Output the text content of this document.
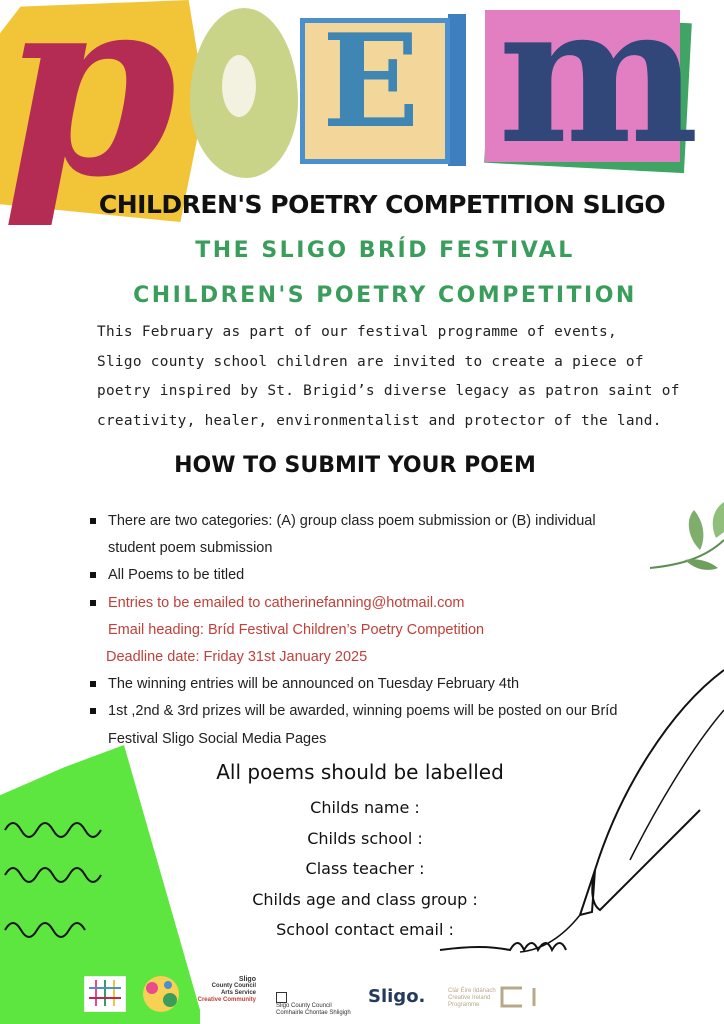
p E m
CHILDREN'S POETRY COMPETITION SLIGO
THE SLIGO BRÍD FESTIVAL
CHILDREN'S POETRY COMPETITION
This February as part of our festival programme of events,
Sligo county school children are invited to create a piece of
poetry inspired by St. Brigid’s diverse legacy as patron saint of
creativity, healer, environmentalist and protector of the land.
HOW TO SUBMIT YOUR POEM
There are two categories: (A) group class poem submission or (B) individual
student poem submission
All Poems to be titled
Entries to be emailed to catherinefanning@hotmail.com
Email heading: Bríd Festival Children’s Poetry Competition
Deadline date: Friday 31st January 2025
The winning entries will be announced on Tuesday February 4th
1st ,2nd & 3rd prizes will be awarded, winning poems will be posted on our Bríd
Festival Sligo Social Media Pages
All poems should be labelled
Childs name :
Childs school :
Class teacher :
Childs age and class group :
School contact email :
Sligo
County Council
Arts Service
Creative Community

Sligo County Council
Comhairle Chontae Shligigh
Sligo.	Clár Éire Ildánach
Creative Ireland
Programme
